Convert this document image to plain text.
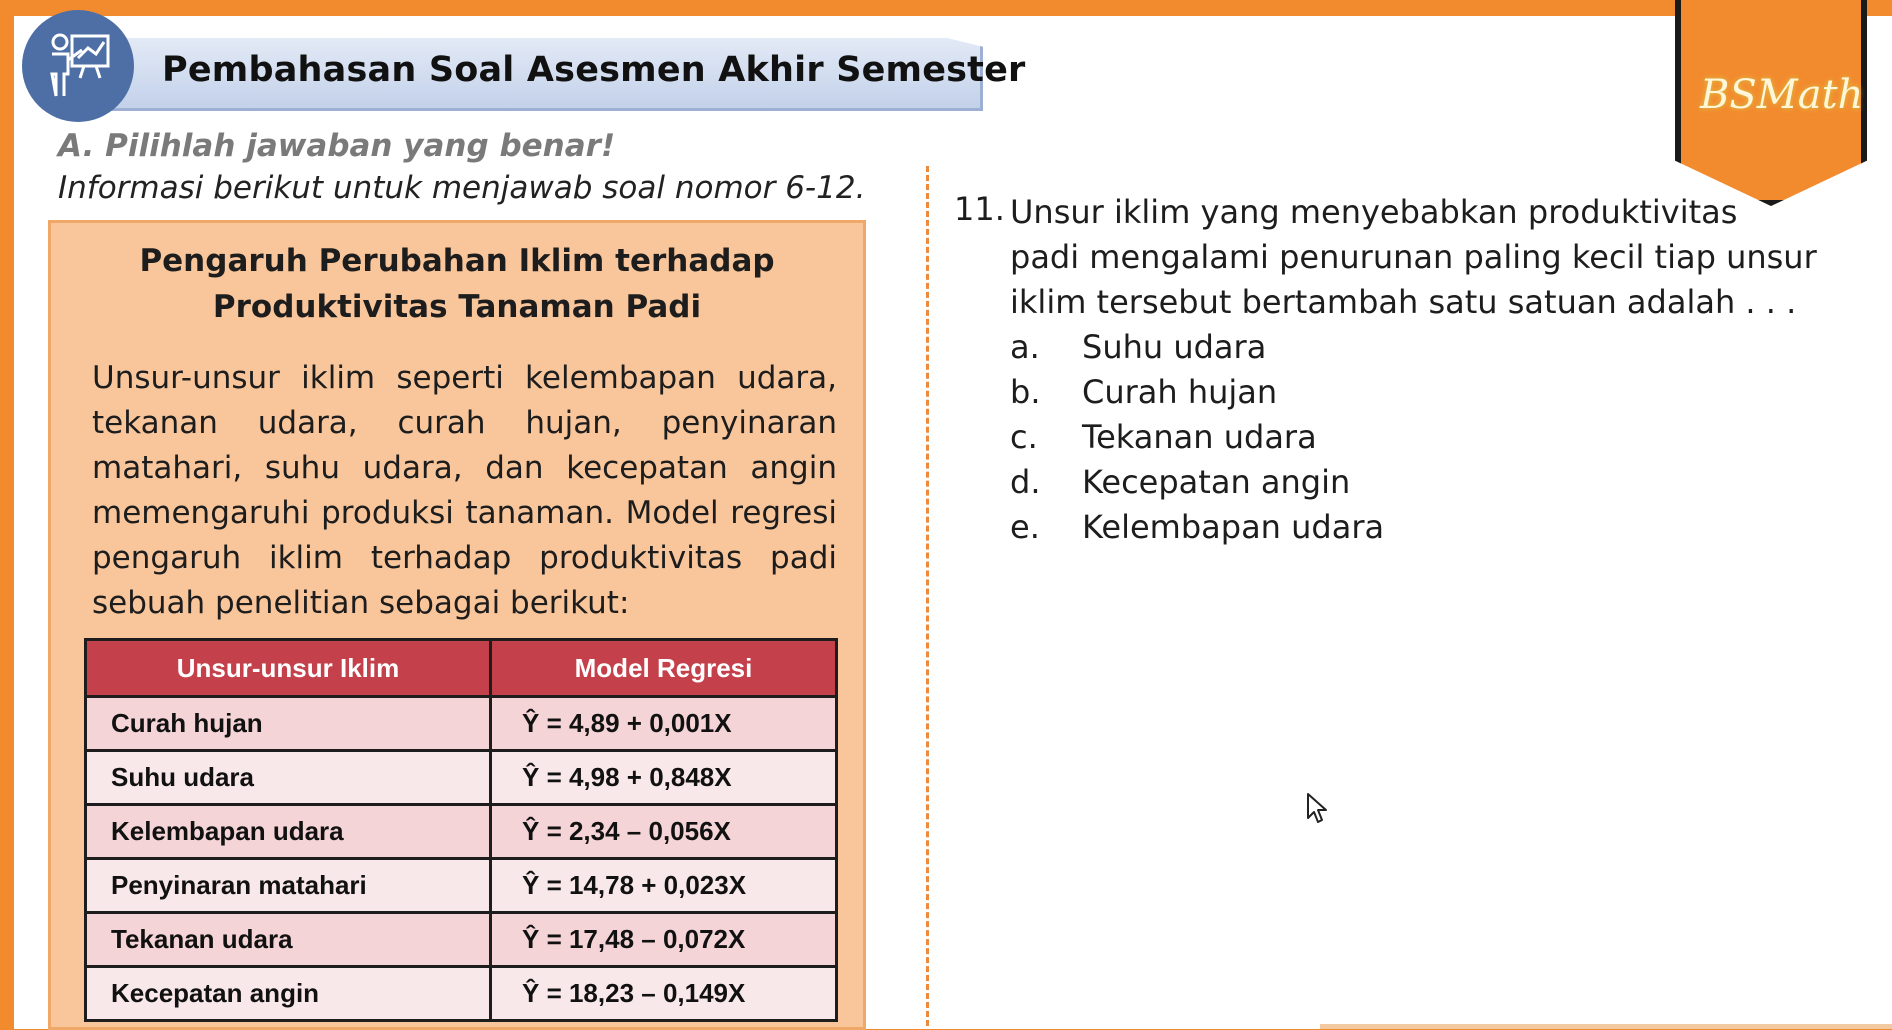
Pembahasan Soal Asesmen Akhir Semester
BSMath
A. Pilihlah jawaban yang benar!
Informasi berikut untuk menjawab soal nomor 6-12.
Pengaruh Perubahan Iklim terhadap
Produktivitas Tanaman Padi
Unsur-unsur iklim seperti kelembapan udara, tekanan udara, curah hujan, penyinaran matahari, suhu udara, dan kecepatan angin memengaruhi produksi tanaman. Model regresi pengaruh iklim terhadap produktivitas padi sebuah penelitian sebagai berikut:
Unsur-unsur Iklim	Model Regresi
Curah hujan	Ŷ = 4,89 + 0,001X
Suhu udara	Ŷ = 4,98 + 0,848X
Kelembapan udara	Ŷ = 2,34 – 0,056X
Penyinaran matahari	Ŷ = 14,78 + 0,023X
Tekanan udara	Ŷ = 17,48 – 0,072X
Kecepatan angin	Ŷ = 18,23 – 0,149X
11. Unsur iklim yang menyebabkan produktivitas
padi mengalami penurunan paling kecil tiap unsur iklim tersebut bertambah satu satuan adalah . . .
a.	Suhu udara
b.	Curah hujan
c.	Tekanan udara
d.	Kecepatan angin
e.	Kelembapan udara
